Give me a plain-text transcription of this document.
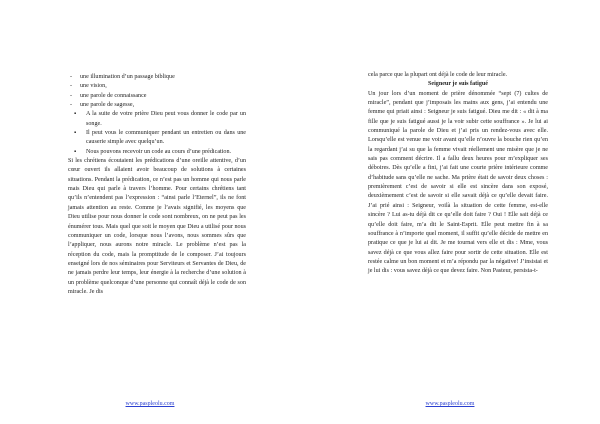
- une illumination d’un passage biblique
- une vision,
- une parole de connaissance
- une parole de sagesse,
▪ A la suite de votre prière Dieu peut vous donner le code par un songe.
▪ Il peut vous le communiquer pendant un entretien ou dans une causerie simple avec quelqu’un.
▪ Nous pouvons recevoir un code au cours d’une prédication.

Si les chrétiens écoutaient les prédications d’une oreille attentive, d’un cœur ouvert ils allaient avoir beaucoup de solutions à certaines situations. Pendant la prédication, ce n’est pas un homme qui nous parle mais Dieu qui parle à travers l’homme. Pour certains chrétiens tant qu’ils n’entendent pas l’expression : “ainsi parle l’Eternel”, ils ne font jamais attention au reste. Comme je l’avais signifié, les moyens que Dieu utilise pour nous donner le code sont nombreux, on ne peut pas les énumérer tous. Mais quel que soit le moyen que Dieu a utilisé pour nous communiquer un code, lorsque nous l’avons, nous sommes sûrs que l’appliquer, nous aurons notre miracle. Le problème n’est pas la réception du code, mais la promptitude de le composer. J’ai toujours enseigné lors de nos séminaires pour Serviteurs et Servantes de Dieu, de ne jamais perdre leur temps, leur énergie à la recherche d’une solution à un problème quelconque d’une personne qui connaît déjà le code de son miracle. Je dis

www.paspleolu.com

cela parce que la plupart ont déjà le code de leur miracle.

Seigneur je suis fatigué

Un jour lors d’un moment de prière dénommée “sept (7) cultes de miracle”, pendant que j’imposais les mains aux gens, j’ai entendu une femme qui priait ainsi : Seigneur je suis fatigué. Dieu me dit : « dit à ma fille que je suis fatigué aussi je la voir subir cette souffrance ». Je lui ai communiqué la parole de Dieu et j’ai pris un rendez-vous avec elle. Lorsqu’elle est venue me voir avant qu’elle n’ouvre la bouche rien qu’en la regardant j’ai su que la femme vivait réellement une misère que je ne sais pas comment décrire. Il a fallu deux heures pour m’expliquer ses déboires. Dès qu’elle a fini, j’ai fait une courte prière intérieure comme d’habitude sans qu’elle ne sache. Ma prière était de savoir deux choses : premièrement c’est de savoir si elle est sincère dans son exposé, deuxièmement c’est de savoir si elle savait déjà ce qu’elle devait faire. J’ai prié ainsi : Seigneur, voilà la situation de cette femme, est-elle sincère ? Lui as-tu déjà dit ce qu’elle doit faire ? Oui ! Elle sait déjà ce qu’elle doit faire, m’a dit le Saint-Esprit. Elle peut mettre fin à sa souffrance à n’importe quel moment, il suffit qu’elle décide de mettre en pratique ce que je lui ai dit. Je me tournai vers elle et dis : Mme, vous savez déjà ce que vous allez faire pour sortir de cette situation. Elle est restée calme un bon moment et m’a répondu par la négative! J’insistai et je lui dis : vous savez déjà ce que devez faire. Non Pasteur, persista-t-

www.paspleolu.com
